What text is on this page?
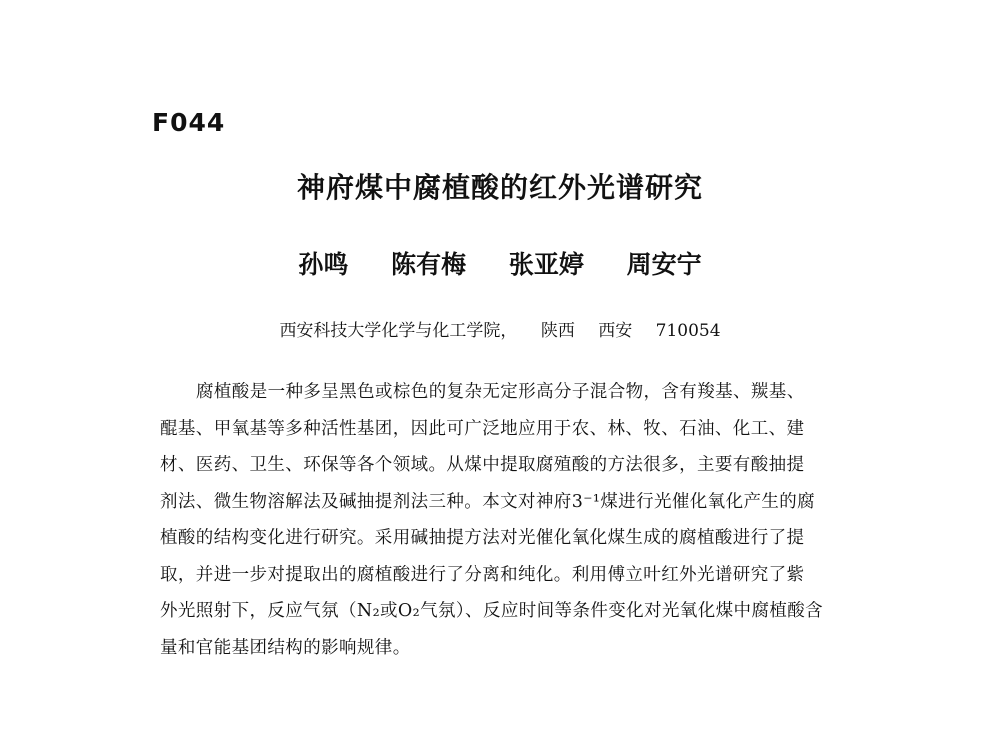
F044
神府煤中腐植酸的红外光谱研究
孙鸣 陈有梅 张亚婷 周安宁
西安科技大学化学与化工学院， 陕西 西安 710054
腐植酸是一种多呈黑色或棕色的复杂无定形高分子混合物，含有羧基、羰基、
醌基、甲氧基等多种活性基团，因此可广泛地应用于农、林、牧、石油、化工、建
材、医药、卫生、环保等各个领域。从煤中提取腐殖酸的方法很多，主要有酸抽提
剂法、微生物溶解法及碱抽提剂法三种。本文对神府3⁻¹煤进行光催化氧化产生的腐
植酸的结构变化进行研究。采用碱抽提方法对光催化氧化煤生成的腐植酸进行了提
取，并进一步对提取出的腐植酸进行了分离和纯化。利用傅立叶红外光谱研究了紫
外光照射下，反应气氛（N₂或O₂气氛）、反应时间等条件变化对光氧化煤中腐植酸含
量和官能基团结构的影响规律。
